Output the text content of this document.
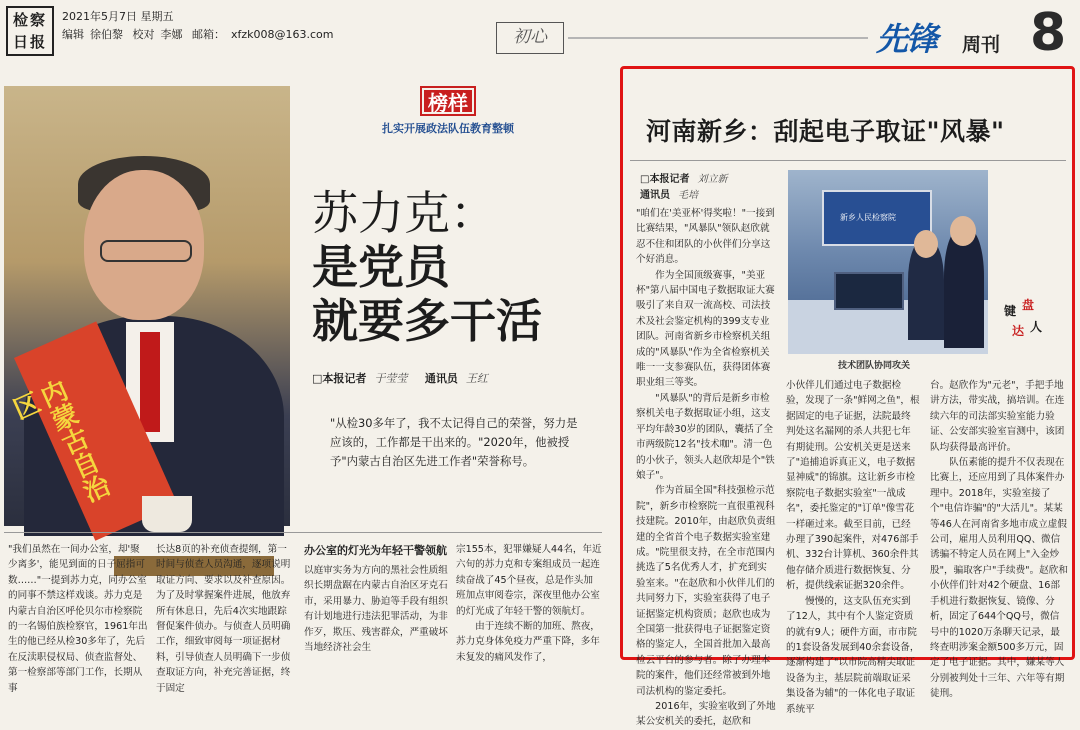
检察日报
2021年5月7日 星期五
编辑 徐伯黎 校对 李娜 邮箱： xfzk008@163.com	初心	先锋 周刊 8
内蒙古自治区
榜样
扎实开展政法队伍教育整顿
苏力克：
是党员
就要多干活
□本报记者 于莹莹 通讯员 王红
"从检30多年了，我不太记得自己的荣誉，努力是应该的，工作都是干出来的。"2020年，他被授予"内蒙古自治区先进工作者"荣誉称号。
"我们虽然在一间办公室，却'聚少离多'，能见到面的日子屈指可数……"一提到苏力克，同办公室的同事不禁这样戏谈。苏力克是内蒙古自治区呼伦贝尔市检察院的一名锡伯族检察官，1961年出生的他已经从检30多年了，先后在反渎职侵权局、侦查监督处、第一检察部等部门工作，长期从事
长达8页的补充侦查提纲，第一时间与侦查人员沟通，逐项说明取证方向、要求以及补查原因。为了及时掌握案件进展，他放弃所有休息日，先后4次实地跟踪督促案件侦办。与侦查人员明确工作，细致审阅每一项证据材料，引导侦查人员明确下一步侦查取证方向，补充完善证据，终于固定
办公室的灯光为年轻干警领航
以庭审实务为方向的黑社会性质组织长期盘踞在内蒙古自治区牙克石市，采用暴力、胁迫等手段有组织有计划地进行违法犯罪活动，为非作歹，欺压、残害群众，严重破坏当地经济社会生
宗155本，犯罪嫌疑人44名，年近六旬的苏力克和专案组成员一起连续奋战了45个昼夜，总是作头加班加点审阅卷宗，深夜里他办公室的灯光成了年轻干警的领航灯。
　　由于连续不断的加班、熬夜，苏力克身体免疫力严重下降，多年未复发的痛风发作了，
河南新乡：刮起电子取证"风暴"
□本报记者 刘立新
通讯员 毛培
新乡人民检察院
技术团队协同攻关
键 盘
达 人
"咱们在'美亚杯'得奖啦！"一接到比赛结果，"风暴队"领队赵欣就忍不住和团队的小伙伴们分享这个好消息。
　　作为全国顶级赛事，"美亚杯"第八届中国电子数据取证大赛吸引了来自双一流高校、司法技术及社会鉴定机构的399支专业团队。河南省新乡市检察机关组成的"风暴队"作为全省检察机关唯一一支参赛队伍，获得团体赛职业组三等奖。
　　"风暴队"的背后是新乡市检察机关电子数据取证小组，这支平均年龄30岁的团队，囊括了全市两级院12名"技术咖"。清一色的小伙子，领头人赵欣却是个"铁娘子"。
　　作为首届全国"科技强检示范院"，新乡市检察院一直很重视科技建院。2010年，由赵欣负责组建的全省首个电子数据实验室建成。"院里很支持，在全市范围内挑选了5名优秀人才，扩充到实验室来。"在赵欣和小伙伴儿们的共同努力下，实验室获得了电子证据鉴定机构资质；赵欣也成为全国第一批获得电子证据鉴定资格的鉴定人，全国首批加入最高检云平台的参与者。除了办理本院的案件，他们还经常被到外地司法机构的鉴定委托。
　　2016年，实验室收到了外地某公安机关的委托，赵欣和
小伙伴儿们通过电子数据检验，发现了一条"鲜网之鱼"，根据固定的电子证据，法院最终判处这名漏网的杀人共犯七年有期徒刑。公安机关更是送来了"追捕追诉真正义，电子数据显神威"的锦旗。这让新乡市检察院电子数据实验室"一战成名"，委托鉴定的"订单"像雪花一样砸过来。截至目前，已经办理了390起案件，对476部手机、332台计算机、360余件其他存储介质进行数据恢复、分析，提供线索证据320余件。
　　慢慢的，这支队伍充实到了12人，其中有个人鉴定资质的就有9人；硬件方面，市市院的1套设备发展到40余套设备，逐渐构建了"以市院高精尖取证设备为主，基层院前端取证采集设备为辅"的一体化电子取证系统平
台。赵欣作为"元老"，手把手地讲方法，带实战，搞培训。在连续六年的司法部实验室能力验证、公安部实验室盲测中，该团队均获得最高评价。
　　队伍素能的提升不仅表现在比赛上，还应用到了具体案件办理中。2018年，实验室接了个"电信诈骗"的"大活儿"。某某等46人在河南省多地市成立虚假公司，雇用人员利用QQ、微信诱骗不特定人员在网上"入金炒股"，骗取客户"手续费"。赵欣和小伙伴们针对42个硬盘、16部手机进行数据恢复、镜像、分析，固定了644个QQ号，微信号中的1020万条聊天记录，最终查明涉案金额500多万元，固定了电子证据。其中，嫌某等人分别被判处十三年、六年等有期徒刑。
